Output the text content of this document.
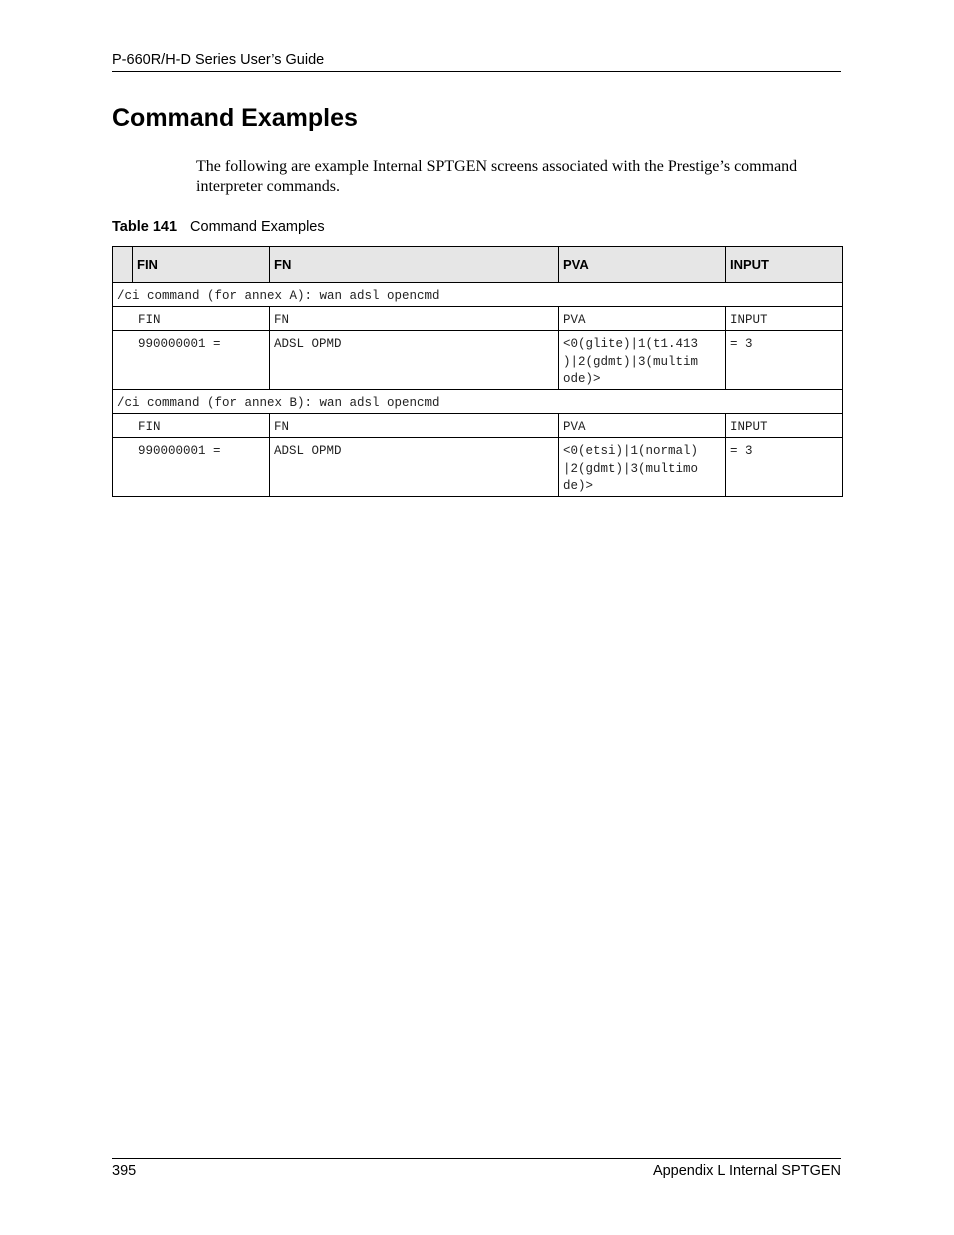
P-660R/H-D Series User’s Guide
Command Examples
The following are example Internal SPTGEN screens associated with the Prestige’s command interpreter commands.
Table 141 Command Examples
	FIN	FN	PVA	INPUT
/ci command (for annex A): wan adsl opencmd				
FIN		FN	PVA	INPUT
990000001 =		ADSL OPMD	<0(glite)|1(t1.413
)|2(gdmt)|3(multim
ode)>	= 3
/ci command (for annex B): wan adsl opencmd				
FIN		FN	PVA	INPUT
990000001 =		ADSL OPMD	<0(etsi)|1(normal)
|2(gdmt)|3(multimo
de)>	= 3
395	Appendix L Internal SPTGEN
